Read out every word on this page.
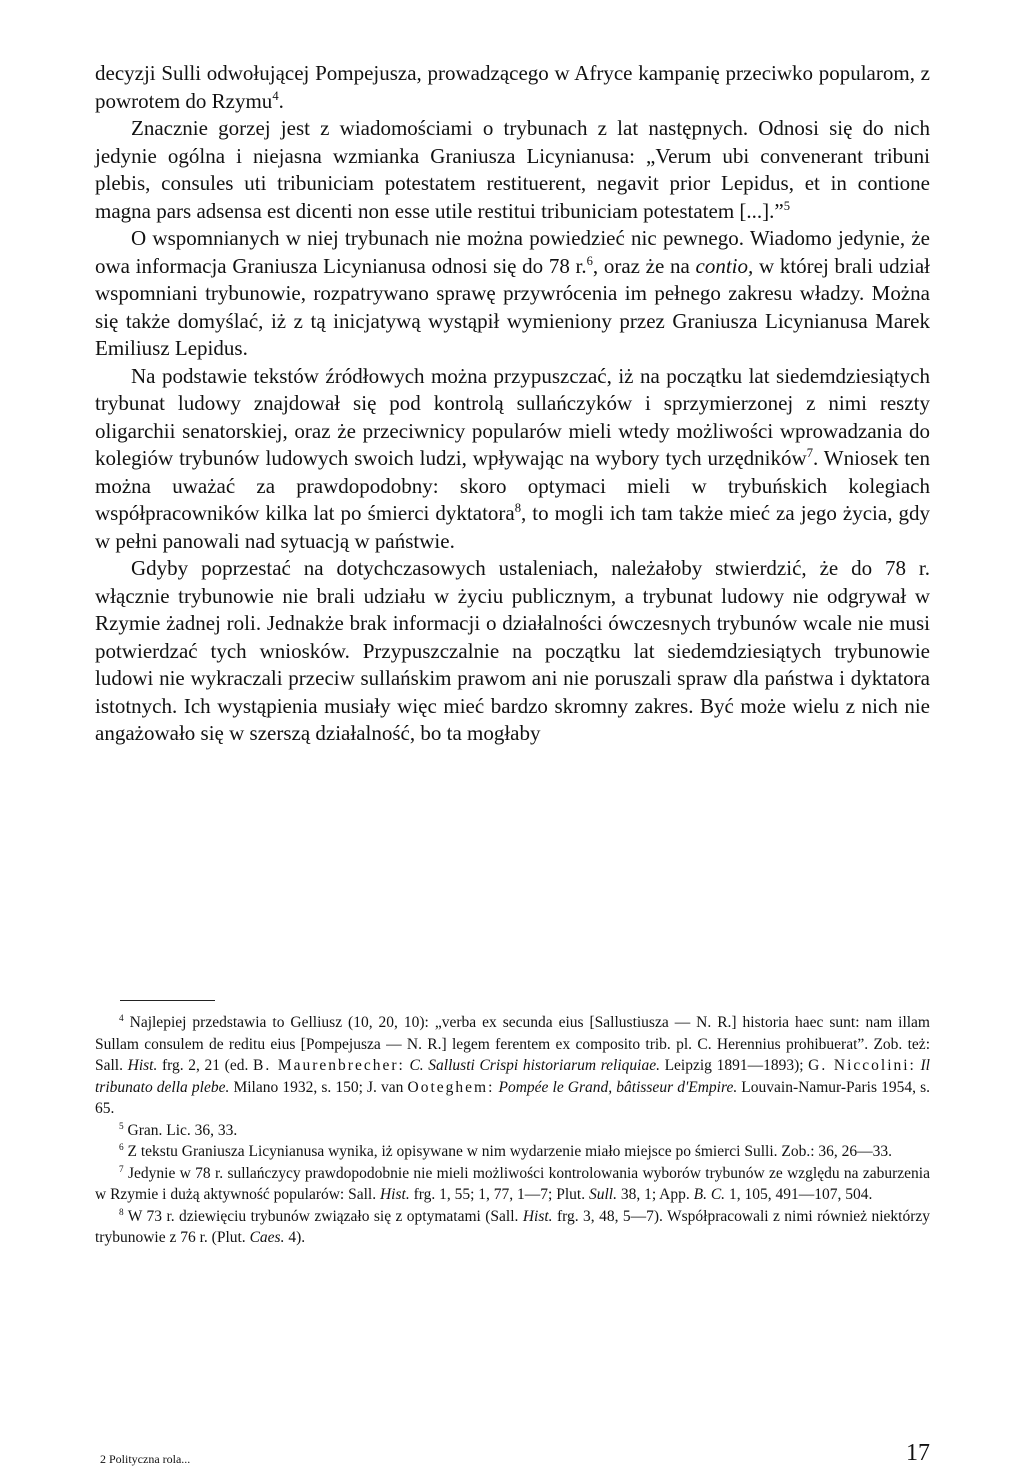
decyzji Sulli odwołującej Pompejusza, prowadzącego w Afryce kampanię przeciwko popularom, z powrotem do Rzymu$^4$.

Znacznie gorzej jest z wiadomościami o trybunach z lat następnych. Odnosi się do nich jedynie ogólna i niejasna wzmianka Graniusza Licynianusa: „Verum ubi convenerant tribuni plebis, consules uti tribuniciam potestatem restituerent, negavit prior Lepidus, et in contione magna pars adsensa est dicenti non esse utile restitui tribuniciam potestatem [...].”$^5$

O wspomnianych w niej trybunach nie można powiedzieć nic pewnego. Wiadomo jedynie, że owa informacja Graniusza Licynianusa odnosi się do 78 r.$^6$, oraz że na contio, w której brali udział wspomniani trybunowie, rozpatrywano sprawę przywrócenia im pełnego zakresu władzy. Można się także domyślać, iż z tą inicjatywą wystąpił wymieniony przez Graniusza Licynianusa Marek Emiliusz Lepidus.

Na podstawie tekstów źródłowych można przypuszczać, iż na początku lat siedemdziesiątych trybunat ludowy znajdował się pod kontrolą sullańczyków i sprzymierzonej z nimi reszty oligarchii senatorskiej, oraz że przeciwnicy popularów mieli wtedy możliwości wprowadzania do kolegiów trybunów ludowych swoich ludzi, wpływając na wybory tych urzędników$^7$. Wniosek ten można uważać za prawdopodobny: skoro optymaci mieli w trybuńskich kolegiach współpracowników kilka lat po śmierci dyktatora$^8$, to mogli ich tam także mieć za jego życia, gdy w pełni panowali nad sytuacją w państwie.

Gdyby poprzestać na dotychczasowych ustaleniach, należałoby stwierdzić, że do 78 r. włącznie trybunowie nie brali udziału w życiu publicznym, a trybunat ludowy nie odgrywał w Rzymie żadnej roli. Jednakże brak informacji o działalności ówczesnych trybunów wcale nie musi potwierdzać tych wniosków. Przypuszczalnie na początku lat siedemdziesiątych trybunowie ludowi nie wykraczali przeciw sullańskim prawom ani nie poruszali spraw dla państwa i dyktatora istotnych. Ich wystąpienia musiały więc mieć bardzo skromny zakres. Być może wielu z nich nie angażowało się w szerszą działalność, bo ta mogłaby

$^4$ Najlepiej przedstawia to Gelliusz (10, 20, 10): „verba ex secunda eius [Sallustiusza — N. R.] historia haec sunt: nam illam Sullam consulem de reditu eius [Pompejusza — N. R.] legem ferentem ex composito trib. pl. C. Herennius prohibuerat”. Zob. też: Sall. Hist. frg. 2, 21 (ed. B. Maurenbrecher: C. Sallusti Crispi historiarum reliquiae. Leipzig 1891—1893); G. Niccolini: Il tribunato della plebe. Milano 1932, s. 150; J. van Ooteghem: Pompée le Grand, bâtisseur d'Empire. Louvain-Namur-Paris 1954, s. 65.

$^5$ Gran. Lic. 36, 33.

$^6$ Z tekstu Graniusza Licynianusa wynika, iż opisywane w nim wydarzenie miało miejsce po śmierci Sulli. Zob.: 36, 26—33.

$^7$ Jedynie w 78 r. sullańczycy prawdopodobnie nie mieli możliwości kontrolowania wyborów trybunów ze względu na zaburzenia w Rzymie i dużą aktywność popularów: Sall. Hist. frg. 1, 55; 1, 77, 1—7; Plut. Sull. 38, 1; App. B. C. 1, 105, 491—107, 504.

$^8$ W 73 r. dziewięciu trybunów związało się z optymatami (Sall. Hist. frg. 3, 48, 5—7). Współpracowali z nimi również niektórzy trybunowie z 76 r. (Plut. Caes. 4).

2 Polityczna rola...	17
